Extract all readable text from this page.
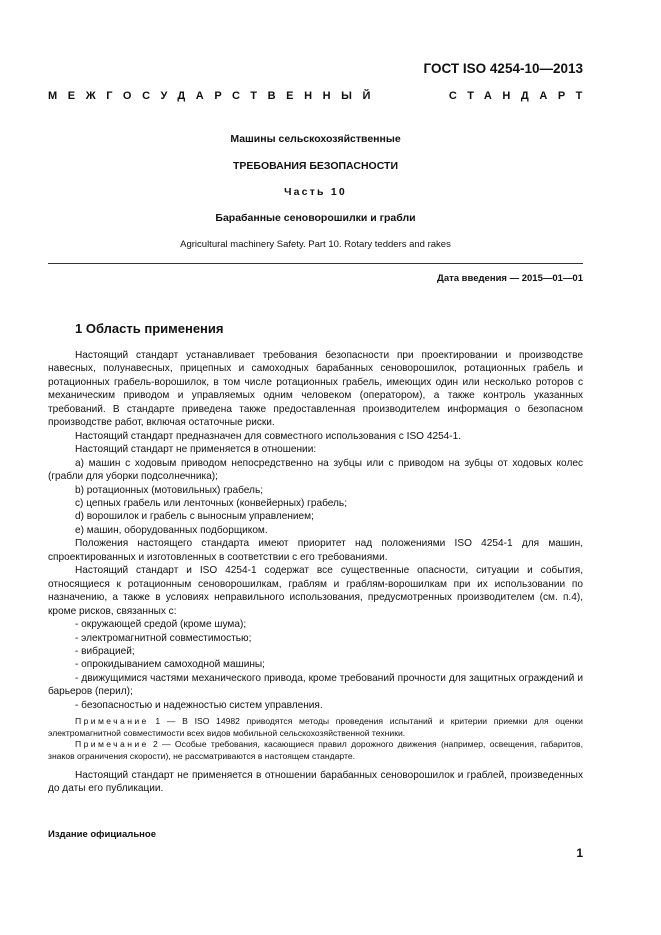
ГОСТ ISO 4254-10—2013
МЕЖГОСУДАРСТВЕННЫЙ	СТАНДАРТ
Машины сельскохозяйственные
ТРЕБОВАНИЯ БЕЗОПАСНОСТИ
Часть 10
Барабанные сеноворошилки и грабли
Agricultural machinery Safety. Part 10. Rotary tedders and rakes
Дата введения — 2015—01—01
1 Область применения

Настоящий стандарт устанавливает требования безопасности при проектировании и производстве навесных, полунавесных, прицепных и самоходных барабанных сеноворошилок, ротационных грабель и ротационных грабель-ворошилок, в том числе ротационных грабель, имеющих один или несколько роторов с механическим приводом и управляемых одним человеком (оператором), а также контроль указанных требований. В стандарте приведена также предоставленная производителем информация о безопасном производстве работ, включая остаточные риски.

Настоящий стандарт предназначен для совместного использования с ISO 4254-1.

Настоящий стандарт не применяется в отношении:

а) машин с ходовым приводом непосредственно на зубцы или с приводом на зубцы от ходовых колес (грабли для уборки подсолнечника);

b) ротационных (мотовильных) грабель;

c) цепных грабель или ленточных (конвейерных) грабель;

d) ворошилок и грабель с выносным управлением;

e) машин, оборудованных подборщиком.

Положения настоящего стандарта имеют приоритет над положениями ISO 4254-1 для машин, спроектированных и изготовленных в соответствии с его требованиями.

Настоящий стандарт и ISO 4254-1 содержат все существенные опасности, ситуации и события, относящиеся к ротационным сеноворошилкам, граблям и граблям-ворошилкам при их использовании по назначению, а также в условиях неправильного использования, предусмотренных производителем (см. п.4), кроме рисков, связанных с:

- окружающей средой (кроме шума);

- электромагнитной совместимостью;

- вибрацией;

- опрокидыванием самоходной машины;

- движущимися частями механического привода, кроме требований прочности для защитных ограждений и барьеров (перил);

- безопасностью и надежностью систем управления.

Примечание 1 — В ISO 14982 приводятся методы проведения испытаний и критерии приемки для оценки электромагнитной совместимости всех видов мобильной сельскохозяйственной техники.

Примечание 2 — Особые требования, касающиеся правил дорожного движения (например, освещения, габаритов, знаков ограничения скорости), не рассматриваются в настоящем стандарте.

Настоящий стандарт не применяется в отношении барабанных сеноворошилок и граблей, произведенных до даты его публикации.

Издание официальное
1
